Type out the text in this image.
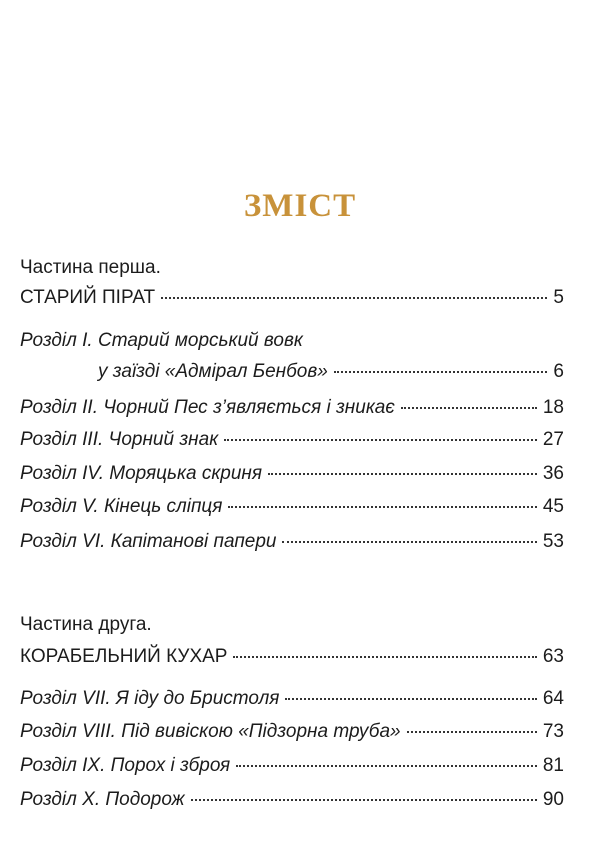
ЗМІСТ
Частина перша.
СТАРИЙ ПІРАТ	5
Розділ І. Старий морський вовк
у заїзді «Адмірал Бенбов»	6
Розділ ІІ. Чорний Пес з’являється і зникає	18
Розділ ІІІ. Чорний знак	27
Розділ IV. Моряцька скриня	36
Розділ V. Кінець сліпця	45
Розділ VI. Капітанові папери	53
Частина друга.
КОРАБЕЛЬНИЙ КУХАР	63
Розділ VII. Я іду до Бристоля	64
Розділ VIII. Під вивіскою «Підзорна труба»	73
Розділ IX. Порох і зброя	81
Розділ X. Подорож	90
